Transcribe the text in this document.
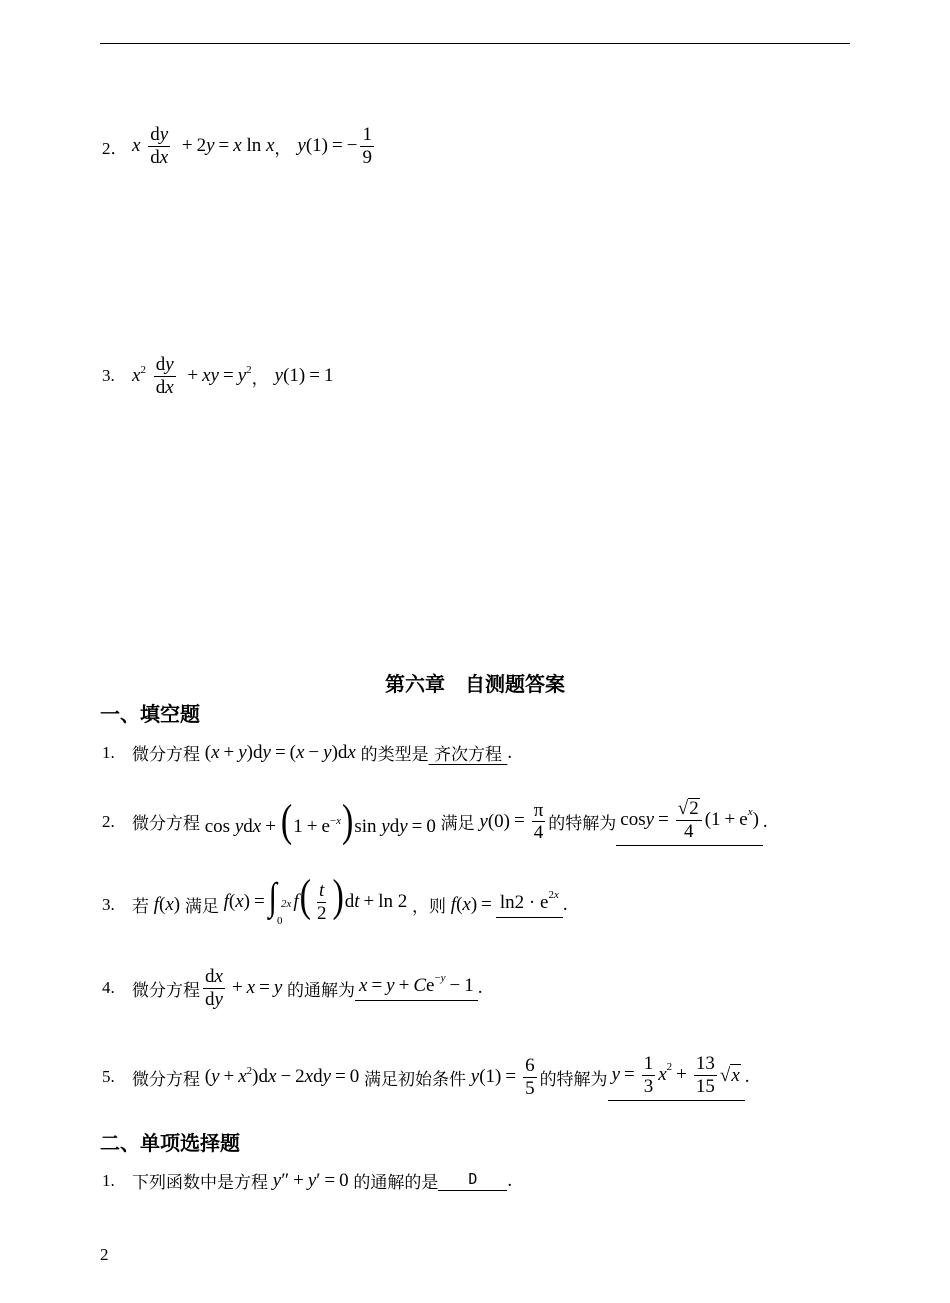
2． x $\frac{dy}{dx} + 2y = x$ ln x ， y(1) = − $\frac{1}{9}$
3. $x^2 \frac{dy}{dx}$ + xy = $y^2$ ， y(1) = 1
第六章　自测题答案
一、填空题
1.	微分方程 (x + y)dy = (x − y)dx 的类型是 齐次方程 .
2.	微分方程 cos ydx + $(1 + e^{-x})\sin$ ydy = 0 满足 $y(0) = \frac{\pi}{4}$ 的特解为 $\cos y = \frac{√ 2}{4} (1 + e$ $^x$ ) .
3.	若 f(x) 满足 f(x) = ∫ 2x
0
$f( \frac{t}{2} )dt + \ln 2$ ，则 $f(x) = \ln 2 \cdot e^{2x}$ .
4.	微分方程 $\frac{dx}{dy} + x = y$ 的通解为 x = y + C $e^{-y} - 1$ .
5.	微分方程 $(y + x^2)dx - 2xdy = 0$ 满足初始条件 $y(1) = \frac{6}{5}$ 的特解为 $y = \frac{1}{3} x^2 + \frac{13}{15}$ √ x .
二、单项选择题
1.	下列函数中是方程 y″ + y′ = 0 的通解的是	D	.
2
